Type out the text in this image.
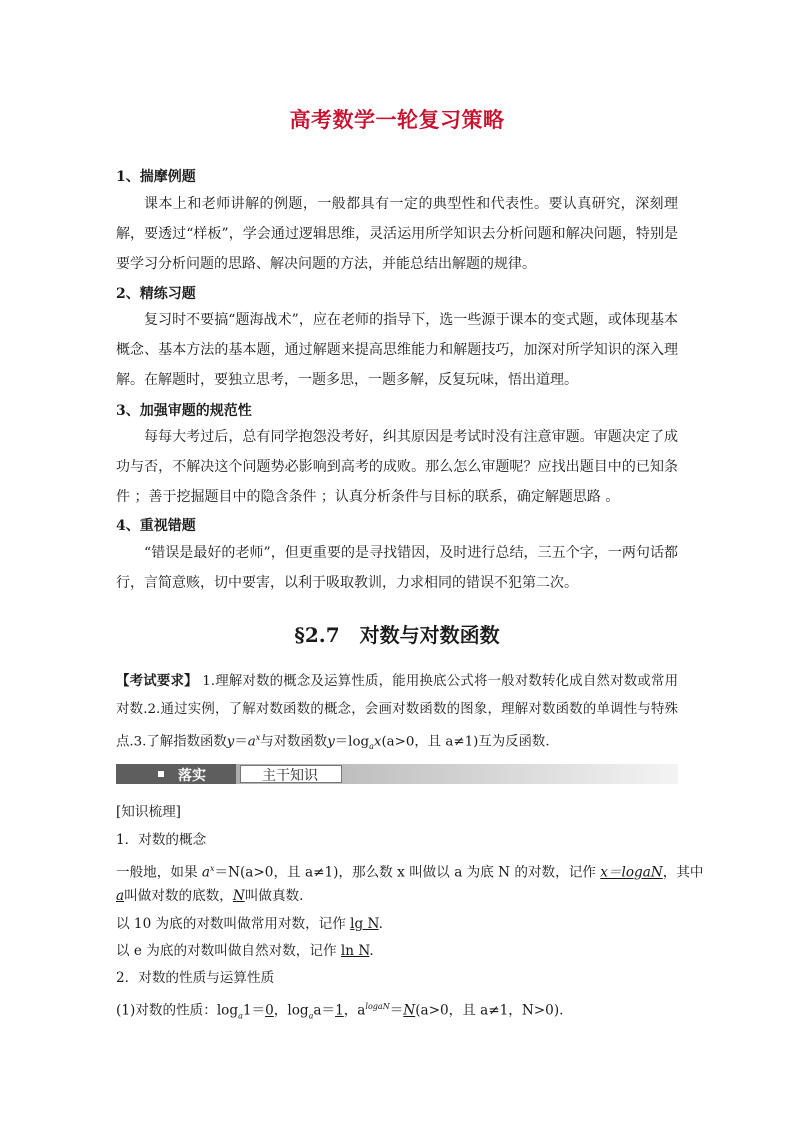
高考数学一轮复习策略
1、揣摩例题
课本上和老师讲解的例题，一般都具有一定的典型性和代表性。要认真研究，深刻理解，要透过“样板”，学会通过逻辑思维，灵活运用所学知识去分析问题和解决问题，特别是要学习分析问题的思路、解决问题的方法，并能总结出解题的规律。
2、精练习题
复习时不要搞“题海战术”，应在老师的指导下，选一些源于课本的变式题，或体现基本概念、基本方法的基本题，通过解题来提高思维能力和解题技巧，加深对所学知识的深入理解。在解题时，要独立思考，一题多思，一题多解，反复玩味，悟出道理。
3、加强审题的规范性
每每大考过后，总有同学抱怨没考好，纠其原因是考试时没有注意审题。审题决定了成功与否，不解决这个问题势必影响到高考的成败。那么怎么审题呢？应找出题目中的已知条件 ；善于挖掘题目中的隐含条件 ；认真分析条件与目标的联系，确定解题思路 。
4、重视错题
“错误是最好的老师”，但更重要的是寻找错因，及时进行总结，三五个字，一两句话都行，言简意赅，切中要害，以利于吸取教训，力求相同的错误不犯第二次。
§2.7　对数与对数函数
【考试要求】 1.理解对数的概念及运算性质，能用换底公式将一般对数转化成自然对数或常用对数.2.通过实例，了解对数函数的概念，会画对数函数的图象，理解对数函数的单调性与特殊点.3.了解指数函数$y=a^x$与对数函数$y=\log_ax(a>0$，且 a≠1)互为反函数.
落实	主干知识
[知识梳理]
1．对数的概念
一般地，如果 $a^x=N(a>0$，且 a≠1)，那么数 x 叫做以 a 为底 N 的对数，记作 x＝logaN，其中
a叫做对数的底数，N叫做真数.
以 10 为底的对数叫做常用对数，记作 lg N.
以 e 为底的对数叫做自然对数，记作 ln N.
2．对数的性质与运算性质
(1)对数的性质：$\log_a1=0$，$\log_aa=1$，$a^{logaN}=N(a>0$，且 a≠1，N>0).
